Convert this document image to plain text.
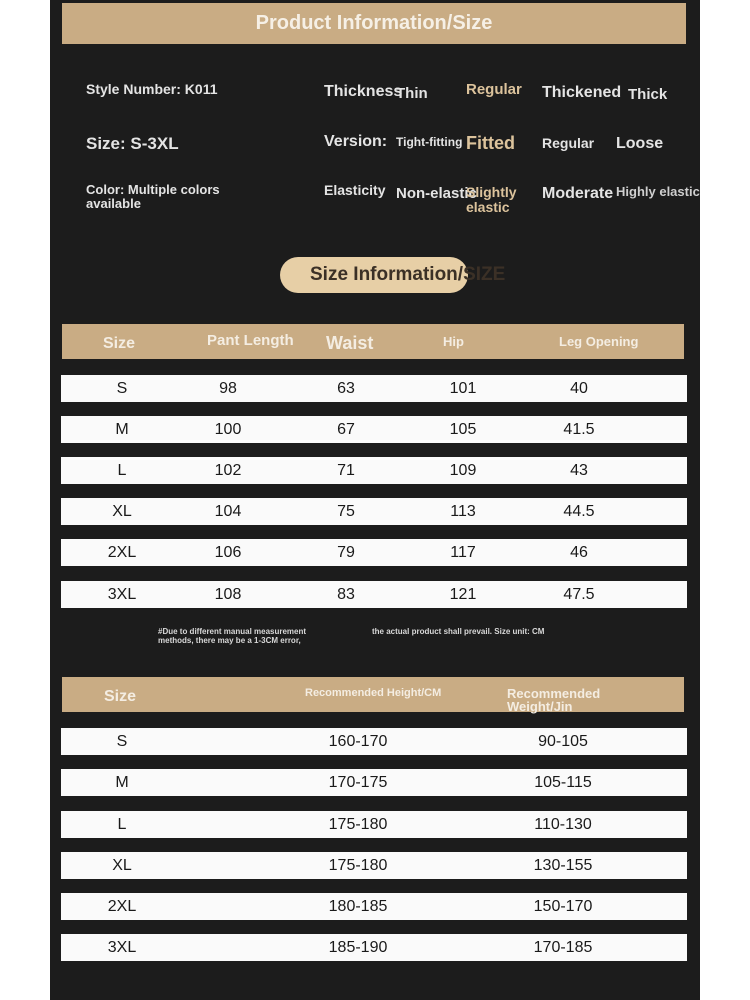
Product Information/Size
Style Number: K011
Size: S-3XL
Color: Multiple colors available
Thickness
Thin	Regular Thickened Thick
Version: Tight-fitting Fitted Regular Loose
Elasticity Non-elastic
Slightly elastic
Moderate Highly elastic
Size Information/SIZE
Size	Pant Length Waist	Hip	Leg Opening
S	98	63	101	40
M	100	67	105	41.5
L	102	71	109	43
XL	104	75	113	44.5
2XL	106	79	117	46
3XL	108	83	121	47.5
#Due to different manual measurement methods, there may be a 1-3CM error,
the actual product shall prevail. Size unit: CM
Size	Recommended Height/CM	Recommended Weight/Jin
S	160-170	90-105
M	170-175	105-115
L	175-180	110-130
XL	175-180	130-155
2XL	180-185	150-170
3XL	185-190	170-185
